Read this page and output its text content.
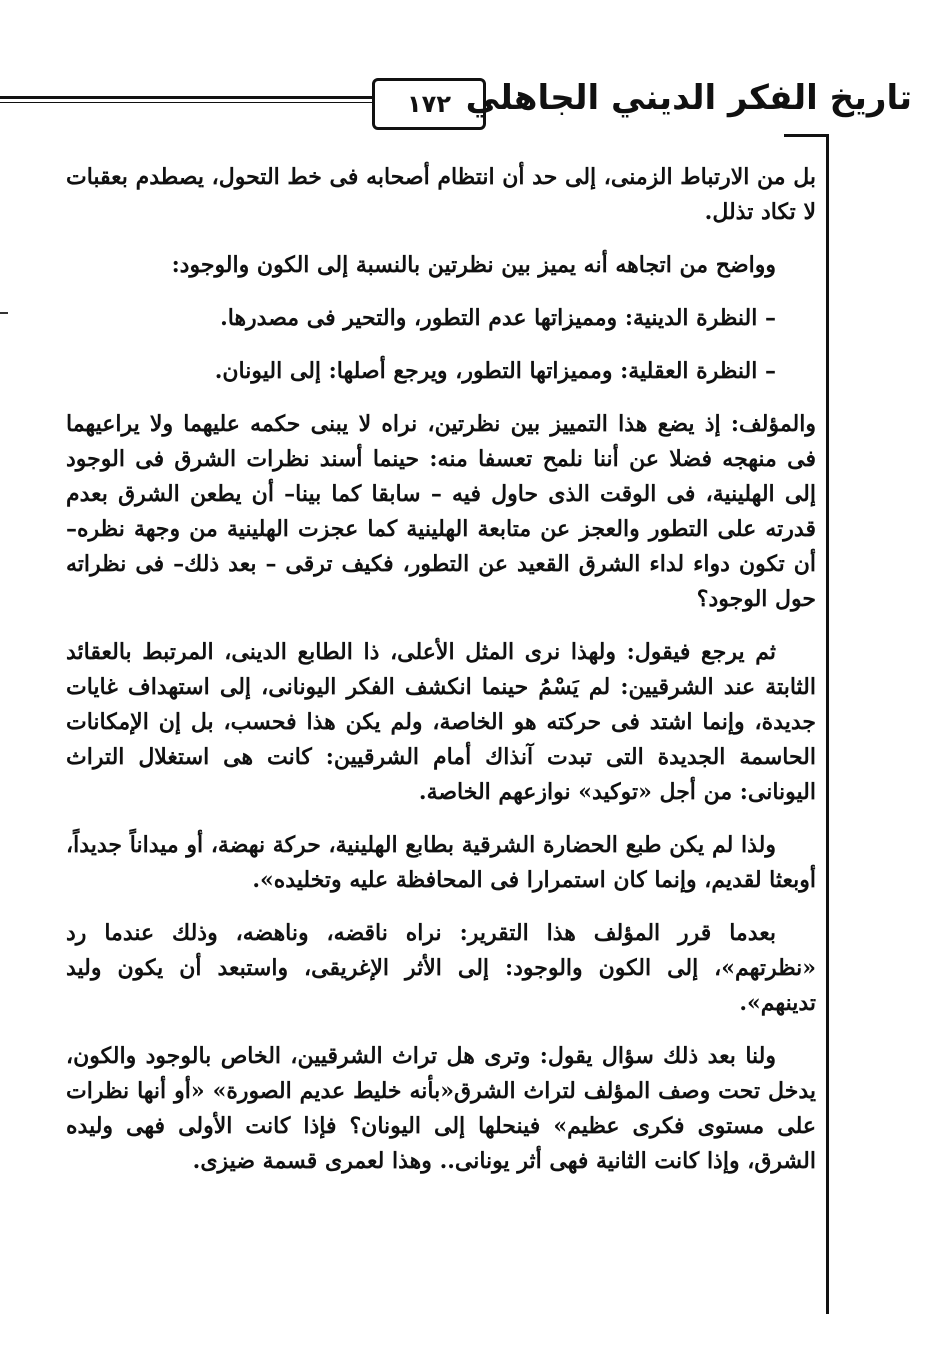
١٧٢ تاريخ الفكر الديني الجاهلي

بل من الارتباط الزمنى، إلى حد أن انتظام أصحابه فى خط التحول، يصطدم بعقبات لا تكاد تذلل.

وواضح من اتجاهه أنه يميز بين نظرتين بالنسبة إلى الكون والوجود:

– النظرة الدينية: ومميزاتها عدم التطور، والتحير فى مصدرها.

– النظرة العقلية: ومميزاتها التطور، ويرجع أصلها: إلى اليونان.

والمؤلف: إذ يضع هذا التمييز بين نظرتين، نراه لا يبنى حكمه عليهما ولا يراعيهما فى منهجه فضلا عن أننا نلمح تعسفا منه: حينما أسند نظرات الشرق فى الوجود إلى الهلينية، فى الوقت الذى حاول فيه – سابقا كما بينا– أن يطعن الشرق بعدم قدرته على التطور والعجز عن متابعة الهلينية كما عجزت الهلينية من وجهة نظره– أن تكون دواء لداء الشرق القعيد عن التطور، فكيف ترقى – بعد ذلك– فى نظراته حول الوجود؟

ثم يرجع فيقول: ولهذا نرى المثل الأعلى، ذا الطابع الدينى، المرتبط بالعقائد الثابتة عند الشرقيين: لم يَسْمُ حينما انكشف الفكر اليونانى، إلى استهداف غايات جديدة، وإنما اشتد فى حركته هو الخاصة، ولم يكن هذا فحسب، بل إن الإمكانات الحاسمة الجديدة التى تبدت آنذاك أمام الشرقيين: كانت هى استغلال التراث اليونانى: من أجل «توكيد» نوازعهم الخاصة.

ولذا لم يكن طبع الحضارة الشرقية بطابع الهلينية، حركة نهضة، أو ميداناً جديداً، أوبعثا لقديم، وإنما كان استمرارا فى المحافظة عليه وتخليده».

بعدما قرر المؤلف هذا التقرير: نراه ناقضه، وناهضه، وذلك عندما رد «نظرتهم»، إلى الكون والوجود: إلى الأثر الإغريقى، واستبعد أن يكون وليد تدينهم».

ولنا بعد ذلك سؤال يقول: وترى هل تراث الشرقيين، الخاص بالوجود والكون، يدخل تحت وصف المؤلف لتراث الشرق«بأنه خليط عديم الصورة» «أو أنها نظرات على مستوى فكرى عظيم» فينحلها إلى اليونان؟ فإذا كانت الأولى فهى وليده الشرق، وإذا كانت الثانية فهى أثر يونانى.. وهذا لعمرى قسمة ضيزى.
